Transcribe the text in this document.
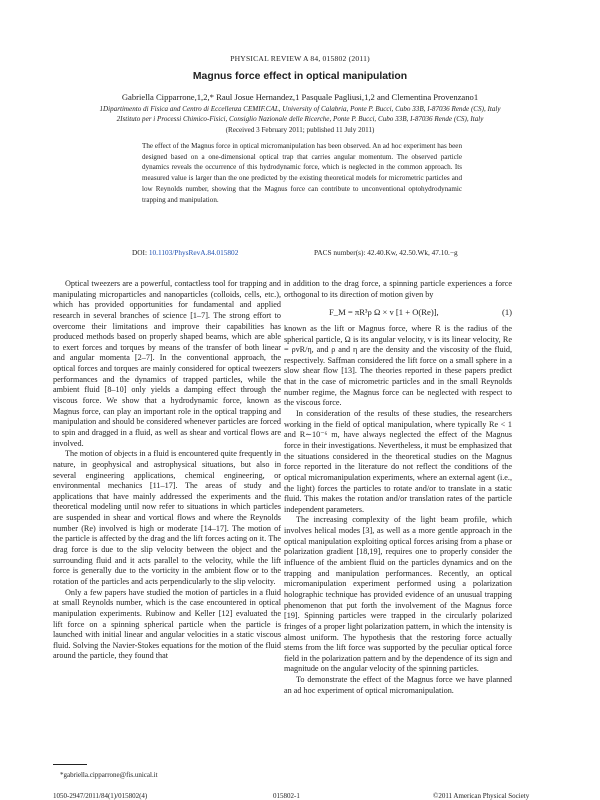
PHYSICAL REVIEW A 84, 015802 (2011)
Magnus force effect in optical manipulation
Gabriella Cipparrone,1,2,* Raul Josue Hernandez,1 Pasquale Pagliusi,1,2 and Clementina Provenzano1
1Dipartimento di Fisica and Centro di Eccellenza CEMIF.CAL, University of Calabria, Ponte P. Bucci, Cubo 33B, I-87036 Rende (CS), Italy
2Istituto per i Processi Chimico-Fisici, Consiglio Nazionale delle Ricerche, Ponte P. Bucci, Cubo 33B, I-87036 Rende (CS), Italy
(Received 3 February 2011; published 11 July 2011)
The effect of the Magnus force in optical micromanipulation has been observed. An ad hoc experiment has been designed based on a one-dimensional optical trap that carries angular momentum. The observed particle dynamics reveals the occurrence of this hydrodynamic force, which is neglected in the common approach. Its measured value is larger than the one predicted by the existing theoretical models for micrometric particles and low Reynolds number, showing that the Magnus force can contribute to unconventional optohydrodynamic trapping and manipulation.
DOI: 10.1103/PhysRevA.84.015802	PACS number(s): 42.40.Kw, 42.50.Wk, 47.10.−g

Optical tweezers are a powerful, contactless tool for trapping and manipulating microparticles and nanoparticles (colloids, cells, etc.), which has provided opportunities for fundamental and applied research in several branches of science [1–7]. The strong effort to overcome their limitations and improve their capabilities has produced methods based on properly shaped beams, which are able to exert forces and torques by means of the transfer of both linear and angular momenta [2–7]. In the conventional approach, the optical forces and torques are mainly considered for optical tweezers performances and the dynamics of trapped particles, while the ambient fluid [8–10] only yields a damping effect through the viscous force. We show that a hydrodynamic force, known as Magnus force, can play an important role in the optical trapping and manipulation and should be considered whenever particles are forced to spin and dragged in a fluid, as well as shear and vortical flows are involved.

The motion of objects in a fluid is encountered quite frequently in nature, in geophysical and astrophysical situations, but also in several engineering applications, chemical engineering, or environmental mechanics [11–17]. The areas of study and applications that have mainly addressed the experiments and the theoretical modeling until now refer to situations in which particles are suspended in shear and vortical flows and where the Reynolds number (Re) involved is high or moderate [14–17]. The motion of the particle is affected by the drag and the lift forces acting on it. The drag force is due to the slip velocity between the object and the surrounding fluid and it acts parallel to the velocity, while the lift force is generally due to the vorticity in the ambient flow or to the rotation of the particles and acts perpendicularly to the slip velocity.

Only a few papers have studied the motion of particles in a fluid at small Reynolds number, which is the case encountered in optical manipulation experiments. Rubinow and Keller [12] evaluated the lift force on a spinning spherical particle when the particle is launched with initial linear and angular velocities in a static viscous fluid. Solving the Navier-Stokes equations for the motion of the fluid around the particle, they found that

in addition to the drag force, a spinning particle experiences a force orthogonal to its direction of motion given by

F_M = πR³ρ Ω × v [1 + O(Re)],	(1)

known as the lift or Magnus force, where R is the radius of the spherical particle, Ω is its angular velocity, v is its linear velocity, Re = ρvR/η, and ρ and η are the density and the viscosity of the fluid, respectively. Saffman considered the lift force on a small sphere in a slow shear flow [13]. The theories reported in these papers predict that in the case of micrometric particles and in the small Reynolds number regime, the Magnus force can be neglected with respect to the viscous force.

In consideration of the results of these studies, the researchers working in the field of optical manipulation, where typically Re < 1 and R∼10⁻⁶ m, have always neglected the effect of the Magnus force in their investigations. Nevertheless, it must be emphasized that the situations considered in the theoretical studies on the Magnus force reported in the literature do not reflect the conditions of the optical micromanipulation experiments, where an external agent (i.e., the light) forces the particles to rotate and/or to translate in a static fluid. This makes the rotation and/or translation rates of the particle independent parameters.

The increasing complexity of the light beam profile, which involves helical modes [3], as well as a more gentle approach in the optical manipulation exploiting optical forces arising from a phase or polarization gradient [18,19], requires one to properly consider the influence of the ambient fluid on the particles dynamics and on the trapping and manipulation performances. Recently, an optical micromanipulation experiment performed using a polarization holographic technique has provided evidence of an unusual trapping phenomenon that put forth the involvement of the Magnus force [19]. Spinning particles were trapped in the circularly polarized fringes of a proper light polarization pattern, in which the intensity is almost uniform. The hypothesis that the restoring force actually stems from the lift force was supported by the peculiar optical force field in the polarization pattern and by the dependence of its sign and magnitude on the angular velocity of the spinning particles.

To demonstrate the effect of the Magnus force we have planned an ad hoc experiment of optical micromanipulation.

*gabriella.cipparrone@fis.unical.it
1050-2947/2011/84(1)/015802(4)	015802-1	©2011 American Physical Society
